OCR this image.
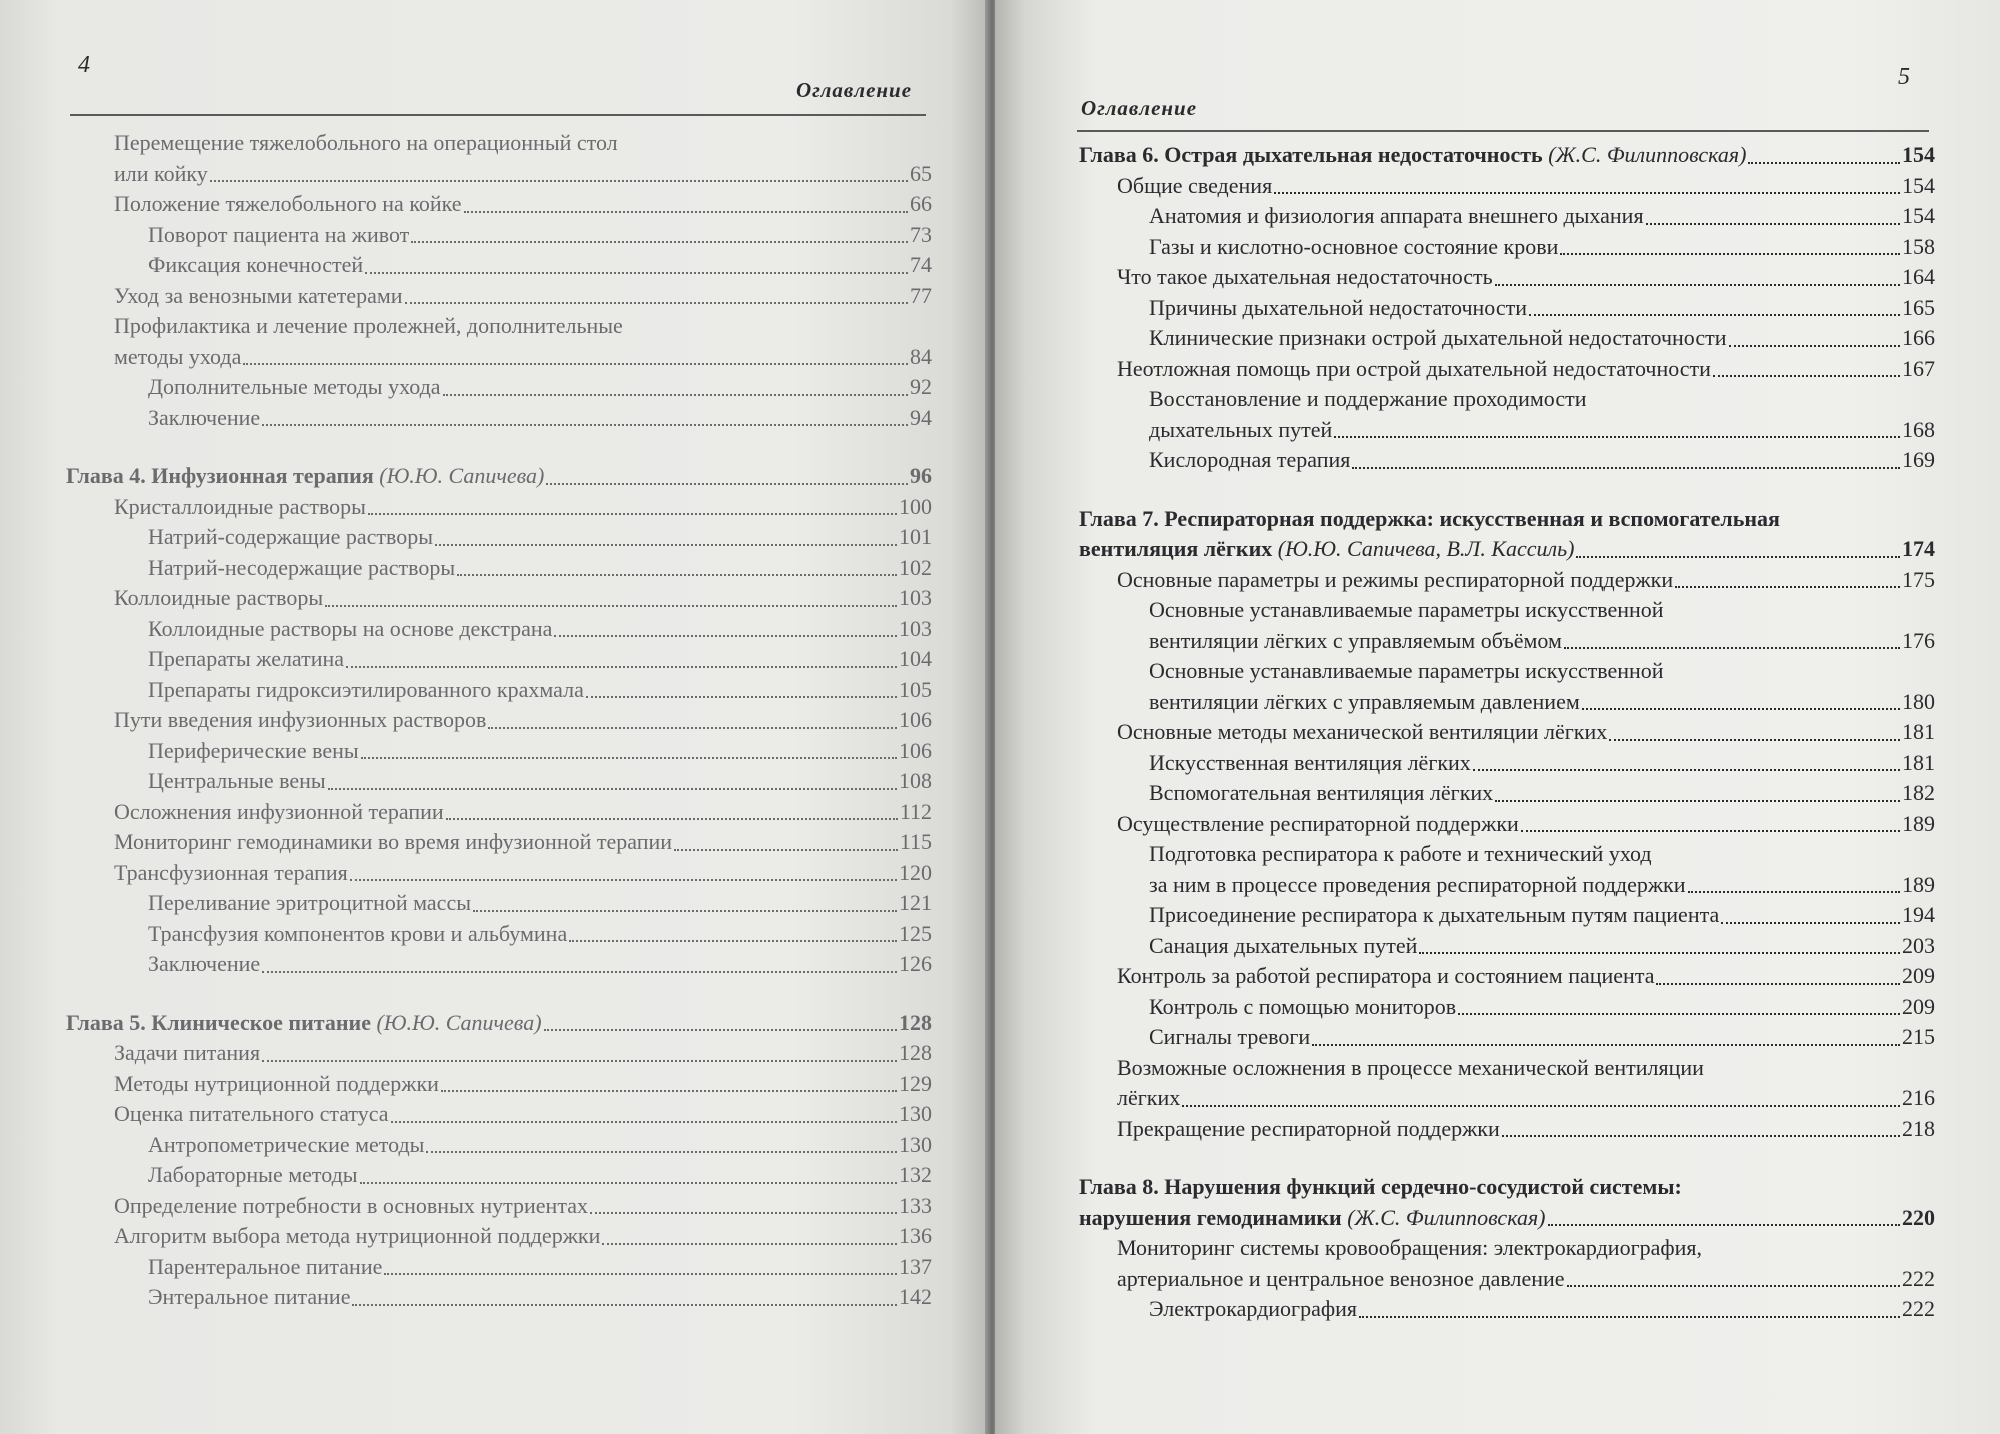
4
Оглавление
Перемещение тяжелобольного на операционный стол
или койку	65
Положение тяжелобольного на койке	66
Поворот пациента на живот	73
Фиксация конечностей	74
Уход за венозными катетерами	77
Профилактика и лечение пролежней, дополнительные
методы ухода	84
Дополнительные методы ухода	92
Заключение	94
Глава 4. Инфузионная терапия
(Ю.Ю. Сапичева)	96
Кристаллоидные растворы	100
Натрий-содержащие растворы	101
Натрий-несодержащие растворы	102
Коллоидные растворы	103
Коллоидные растворы на основе декстрана	103
Препараты желатина	104
Препараты гидроксиэтилированного крахмала	105
Пути введения инфузионных растворов	106
Периферические вены	106
Центральные вены	108
Осложнения инфузионной терапии	112
Мониторинг гемодинамики во время инфузионной терапии	115
Трансфузионная терапия	120
Переливание эритроцитной массы	121
Трансфузия компонентов крови и альбумина	125
Заключение	126
Глава 5. Клиническое питание
(Ю.Ю. Сапичева)	128
Задачи питания	128
Методы нутриционной поддержки	129
Оценка питательного статуса	130
Антропометрические методы	130
Лабораторные методы	132
Определение потребности в основных нутриентах	133
Алгоритм выбора метода нутриционной поддержки	136
Парентеральное питание	137
Энтеральное питание	142
5
Оглавление
Глава 6. Острая дыхательная недостаточность
(Ж.С. Филипповская)	154
Общие сведения	154
Анатомия и физиология аппарата внешнего дыхания	154
Газы и кислотно-основное состояние крови	158
Что такое дыхательная недостаточность	164
Причины дыхательной недостаточности	165
Клинические признаки острой дыхательной недостаточности	166
Неотложная помощь при острой дыхательной недостаточности	167
Восстановление и поддержание проходимости
дыхательных путей	168
Кислородная терапия	169
Глава 7. Респираторная поддержка: искусственная и вспомогательная
вентиляция лёгких
(Ю.Ю. Сапичева, В.Л. Кассиль)	174
Основные параметры и режимы респираторной поддержки	175
Основные устанавливаемые параметры искусственной
вентиляции лёгких с управляемым объёмом	176
Основные устанавливаемые параметры искусственной
вентиляции лёгких с управляемым давлением	180
Основные методы механической вентиляции лёгких	181
Искусственная вентиляция лёгких	181
Вспомогательная вентиляция лёгких	182
Осуществление респираторной поддержки	189
Подготовка респиратора к работе и технический уход
за ним в процессе проведения респираторной поддержки	189
Присоединение респиратора к дыхательным путям пациента	194
Санация дыхательных путей	203
Контроль за работой респиратора и состоянием пациента	209
Контроль с помощью мониторов	209
Сигналы тревоги	215
Возможные осложнения в процессе механической вентиляции
лёгких	216
Прекращение респираторной поддержки	218
Глава 8. Нарушения функций сердечно-сосудистой системы:
нарушения гемодинамики
(Ж.С. Филипповская)	220
Мониторинг системы кровообращения: электрокардиография,
артериальное и центральное венозное давление	222
Электрокардиография	222
